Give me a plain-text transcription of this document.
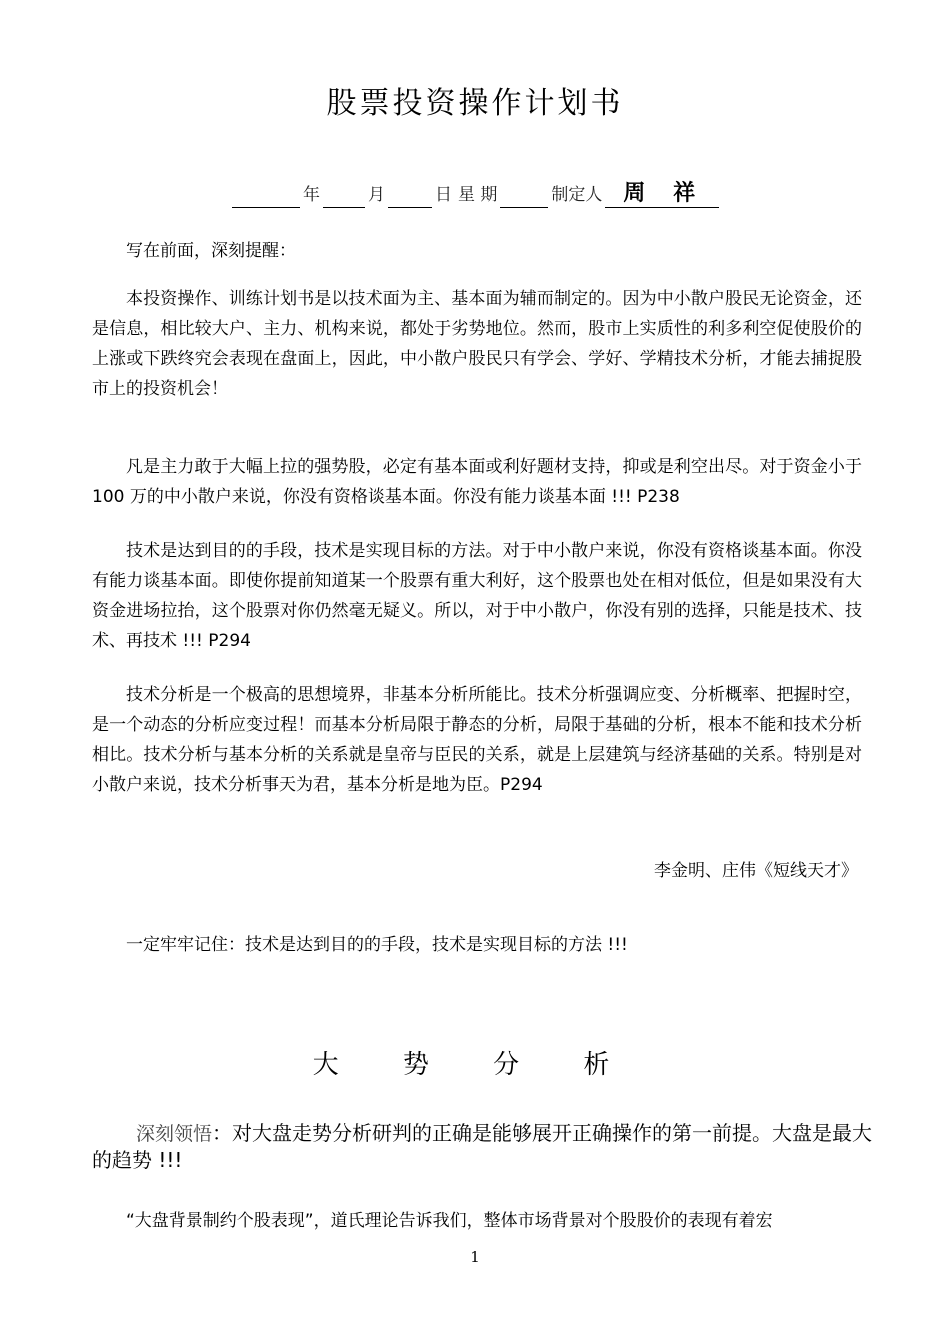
股票投资操作计划书
年	月	日 星 期	制定人 周 祥
写在前面，深刻提醒：
本投资操作、训练计划书是以技术面为主、基本面为辅而制定的。因为中小散户股民无论资金，还是信息，相比较大户、主力、机构来说，都处于劣势地位。然而，股市上实质性的利多利空促使股价的上涨或下跌终究会表现在盘面上，因此，中小散户股民只有学会、学好、学精技术分析，才能去捕捉股市上的投资机会！
凡是主力敢于大幅上拉的强势股，必定有基本面或利好题材支持，抑或是利空出尽。对于资金小于 100 万的中小散户来说，你没有资格谈基本面。你没有能力谈基本面 !!! P238
技术是达到目的的手段，技术是实现目标的方法。对于中小散户来说，你没有资格谈基本面。你没有能力谈基本面。即使你提前知道某一个股票有重大利好，这个股票也处在相对低位，但是如果没有大资金进场拉抬，这个股票对你仍然毫无疑义。所以，对于中小散户，你没有别的选择，只能是技术、技术、再技术 !!! P294
技术分析是一个极高的思想境界，非基本分析所能比。技术分析强调应变、分析概率、把握时空，是一个动态的分析应变过程！而基本分析局限于静态的分析，局限于基础的分析，根本不能和技术分析相比。技术分析与基本分析的关系就是皇帝与臣民的关系，就是上层建筑与经济基础的关系。特别是对小散户来说，技术分析事天为君，基本分析是地为臣。P294
李金明、庄伟《短线天才》
一定牢牢记住：技术是达到目的的手段，技术是实现目标的方法 !!!
大 势 分 析
深刻领悟：对大盘走势分析研判的正确是能够展开正确操作的第一前提。大盘是最大的趋势 !!!
“大盘背景制约个股表现”，道氏理论告诉我们，整体市场背景对个股股价的表现有着宏
1
